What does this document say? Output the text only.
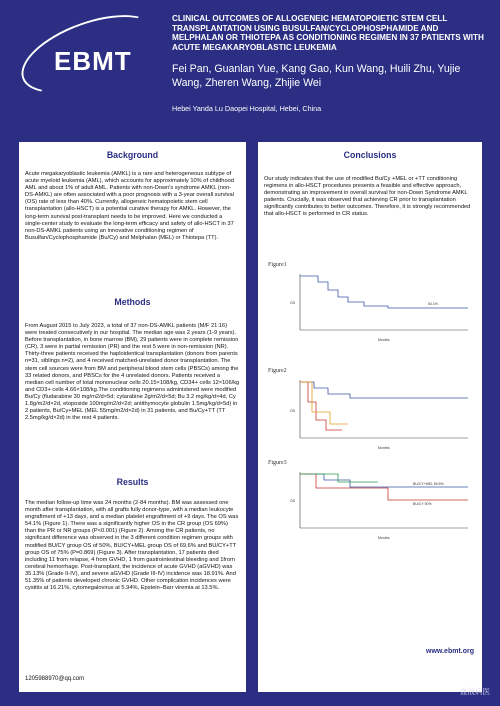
EBMT
CLINICAL OUTCOMES OF ALLOGENEIC HEMATOPOIETIC STEM CELL TRANSPLANTATION USING BUSULFAN/CYCLOPHOSPHAMIDE AND MELPHALAN OR THIOTEPA AS CONDITIONING REGIMEN IN 37 PATIENTS WITH ACUTE MEGAKARYOBLASTIC LEUKEMIA
Fei Pan, Guanlan Yue, Kang Gao, Kun Wang, Huili Zhu, Yujie Wang, Zheren Wang, Zhijie Wei
Hebei Yanda Lu Daopei Hospital, Hebei, China
Background
Acute megakaryoblastic leukemia (AMKL) is a rare and heterogeneous subtype of acute myeloid leukemia (AML), which accounts for approximately 10% of childhood AML and about 1% of adult AML. Patients with non-Down's syndrome AMKL (non-DS-AMKL) are often associated with a poor prognosis with a 3-year overall survival (OS) rate of less than 40%. Currently, allogeneic hematopoietic stem cell transplantation (allo-HSCT) is a potential curative therapy for AMKL. However, the long-term survival post-transplant needs to be improved. Here we conducted a single-center study to evaluate the long-term efficacy and safety of allo-HSCT in 37 non-DS-AMKL patients using an innovative conditioning regimen of Busulfan/Cyclophosphamide (Bu/Cy) and Melphalan (MEL) or Thiotepa (TT).
Methods
From August 2015 to July 2023, a total of 37 non-DS-AMKL patients (M/F 21:16) were treated consecutively in our hospital. The median age was 2 years (1-9 years). Before transplantation, in bone marrow (BM), 29 patients were in complete remission (CR), 3 were in partial remission (PR) and the rest 5 were in non-remission (NR). Thirty-three patients received the haploidentical transplantation (donors from parents n=31, siblings n=2), and 4 received matched-unrelated donor transplantation. The stem cell sources were from BM and peripheral blood stem cells (PBSCs) among the 33 related donors, and PBSCs for the 4 unrelated donors. Patients received a median cell number of total mononuclear cells 20.15×108/kg, CD34+ cells 12×106/kg and CD3+ cells 4.66×108/kg.The conditioning regimens administered were modified Bu/Cy (fludarabine 30 mg/m2/d×5d; cytarabine 2g/m2/d×5d; Bu 3.2 mg/kg/d×4d, Cy 1.8g/m2/d×2d, etoposide 100mg/m2/d×2d; antithymocyte globulin 1.5mg/kg/d×5d) in 2 patients, Bu/Cy+MEL (MEL 55mg/m2/d×2d) in 31 patients, and Bu/Cy+TT (TT 2.5mg/kg/d×2d) in the rest 4 patients.
Results
The median follow-up time was 24 months (2-84 months). BM was assessed one month after transplantation, with all grafts fully donor-type, with a median leukocyte engraftment of +13 days, and a median platelet engraftment of +9 days. The OS was 54.1% (Figure 1). There was a significantly higher OS in the CR group (OS 69%) than the PR or NR groups (P<0.001) (Figure 2). Among the CR patients, no significant difference was observed in the 3 different condition regimen groups with modified BU/CY group OS of 50%, BU/CY+MEL group OS of 69.6% and BU/CY+TT group OS of 75% (P=0.869) (Figure 3). After transplantation, 17 patients died including 11 from relapse, 4 from GVHD, 1 from gastrointestinal bleeding and 1from cerebral hemorrhage. Post-transplant, the incidence of acute GVHD (aGVHD) was 35.13% (Grade II-IV), and severe aGVHD (Grade III-IV) incidence was 18.91%. And 51.35% of patients developed chronic GVHD. Other complication incidences were cystitis at 16.21%, cytomegalovirus at 5.94%, Epstein–Barr viremia at 13.5%.
1205988970@qq.com
Conclusions
Our study indicates that the use of modified Bu/Cy +MEL or +TT conditioning regimens in allo-HSCT procedures presents a feasible and effective approach, demonstrating an improvement in overall survival for non-Down Syndrome AMKL patients. Crucially, it was observed that achieving CR prior to transplantation significantly contributes to better outcomes. Therefore, it is strongly recommended that allo-HSCT is performed in CR status.
Figure1
54.1%
Months
OS
Figure2
Months
OS
Figure3
BU/CY+MEL 69.6%
BU/CY 50%
Months
OS
www.ebmt.org
血液病医
